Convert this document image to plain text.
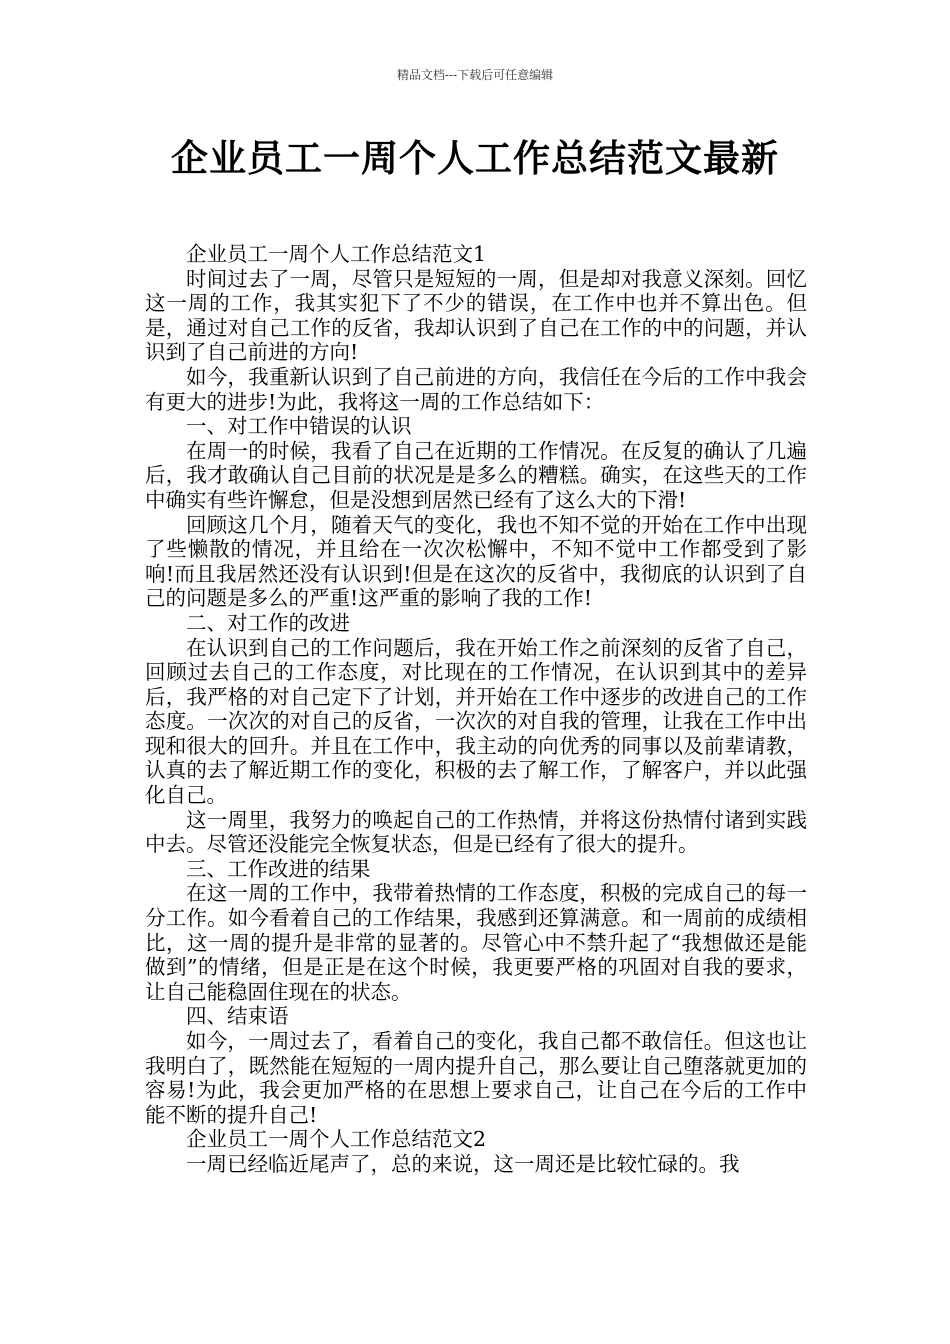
精品文档---下载后可任意编辑
企业员工一周个人工作总结范文最新

企业员工一周个人工作总结范文1

时间过去了一周，尽管只是短短的一周，但是却对我意义深刻。回忆这一周的工作，我其实犯下了不少的错误，在工作中也并不算出色。但是，通过对自己工作的反省，我却认识到了自己在工作的中的问题，并认识到了自己前进的方向!

如今，我重新认识到了自己前进的方向，我信任在今后的工作中我会有更大的进步!为此，我将这一周的工作总结如下：

一、对工作中错误的认识

在周一的时候，我看了自己在近期的工作情况。在反复的确认了几遍后，我才敢确认自己目前的状况是是多么的糟糕。确实，在这些天的工作中确实有些许懈怠，但是没想到居然已经有了这么大的下滑!

回顾这几个月，随着天气的变化，我也不知不觉的开始在工作中出现了些懒散的情况，并且给在一次次松懈中，不知不觉中工作都受到了影响!而且我居然还没有认识到!但是在这次的反省中，我彻底的认识到了自己的问题是多么的严重!这严重的影响了我的工作!

二、对工作的改进

在认识到自己的工作问题后，我在开始工作之前深刻的反省了自己，回顾过去自己的工作态度，对比现在的工作情况，在认识到其中的差异后，我严格的对自己定下了计划，并开始在工作中逐步的改进自己的工作态度。一次次的对自己的反省，一次次的对自我的管理，让我在工作中出现和很大的回升。并且在工作中，我主动的向优秀的同事以及前辈请教，认真的去了解近期工作的变化，积极的去了解工作，了解客户，并以此强化自己。

这一周里，我努力的唤起自己的工作热情，并将这份热情付诸到实践中去。尽管还没能完全恢复状态，但是已经有了很大的提升。

三、工作改进的结果

在这一周的工作中，我带着热情的工作态度，积极的完成自己的每一分工作。如今看着自己的工作结果，我感到还算满意。和一周前的成绩相比，这一周的提升是非常的显著的。尽管心中不禁升起了“我想做还是能做到”的情绪，但是正是在这个时候，我更要严格的巩固对自我的要求，让自己能稳固住现在的状态。

四、结束语

如今，一周过去了，看着自己的变化，我自己都不敢信任。但这也让我明白了，既然能在短短的一周内提升自己，那么要让自己堕落就更加的容易!为此，我会更加严格的在思想上要求自己，让自己在今后的工作中能不断的提升自己!

企业员工一周个人工作总结范文2

一周已经临近尾声了，总的来说，这一周还是比较忙碌的。我
